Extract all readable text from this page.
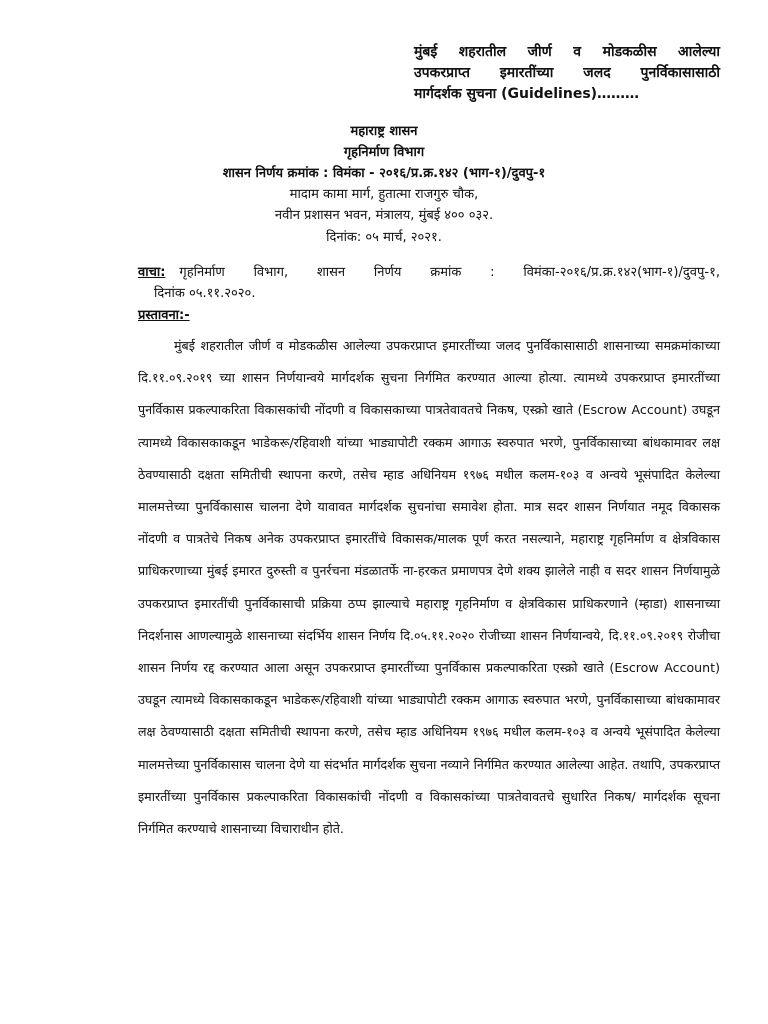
मुंबई शहरातील जीर्ण व मोडकळीस आलेल्या
उपकरप्राप्त इमारतींच्या जलद पुनर्विकासासाठी
मार्गदर्शक सुचना (Guidelines)………
महाराष्ट्र शासन
गृहनिर्माण विभाग
शासन निर्णय क्रमांक : विमंका - २०१६/प्र.क्र.१४२ (भाग-१)/दुवपु-१
मादाम कामा मार्ग, हुतात्मा राजगुरु चौक,
नवीन प्रशासन भवन, मंत्रालय, मुंबई ४०० ०३२.
दिनांक: ०५ मार्च, २०२१.
वाचा: गृहनिर्माण विभाग, शासन निर्णय क्रमांक : विमंका-२०१६/प्र.क्र.१४२(भाग-१)/दुवपु-१,
दिनांक ०५.११.२०२०.
प्रस्तावना:-

मुंबई शहरातील जीर्ण व मोडकळीस आलेल्या उपकरप्राप्त इमारतींच्या जलद पुनर्विकासासाठी शासनाच्या समक्रमांकाच्या दि.११.०९.२०१९ च्या शासन निर्णयान्वये मार्गदर्शक सुचना निर्गमित करण्यात आल्या होत्या. त्यामध्ये उपकरप्राप्त इमारतींच्या पुनर्विकास प्रकल्पाकरिता विकासकांची नोंदणी व विकासकाच्या पात्रतेवावतचे निकष, एस्क्रो खाते (Escrow Account) उघडून त्यामध्ये विकासकाकडून भाडेकरू/रहिवाशी यांच्या भाड्यापोटी रक्कम आगाऊ स्वरुपात भरणे, पुनर्विकासाच्या बांधकामावर लक्ष ठेवण्यासाठी दक्षता समितीची स्थापना करणे, तसेच म्हाड अधिनियम १९७६ मधील कलम-१०३ व अन्वये भूसंपादित केलेल्या मालमत्तेच्या पुनर्विकासास चालना देणे यावावत मार्गदर्शक सुचनांचा समावेश होता. मात्र सदर शासन निर्णयात नमूद विकासक नोंदणी व पात्रतेचे निकष अनेक उपकरप्राप्त इमारतींचे विकासक/मालक पूर्ण करत नसल्याने, महाराष्ट्र गृहनिर्माण व क्षेत्रविकास प्राधिकरणाच्या मुंबई इमारत दुरुस्ती व पुनर्रचना मंडळातर्फे ना-हरकत प्रमाणपत्र देणे शक्य झालेले नाही व सदर शासन निर्णयामुळे उपकरप्राप्त इमारतींची पुनर्विकासाची प्रक्रिया ठप्प झाल्याचे महाराष्ट्र गृहनिर्माण व क्षेत्रविकास प्राधिकरणाने (म्हाडा) शासनाच्या निदर्शनास आणल्यामुळे शासनाच्या संदर्भिय शासन निर्णय दि.०५.११.२०२० रोजीच्या शासन निर्णयान्वये, दि.११.०९.२०१९ रोजीचा शासन निर्णय रद्द करण्यात आला असून उपकरप्राप्त इमारतींच्या पुनर्विकास प्रकल्पाकरिता एस्क्रो खाते (Escrow Account) उघडून त्यामध्ये विकासकाकडून भाडेकरू/रहिवाशी यांच्या भाड्यापोटी रक्कम आगाऊ स्वरुपात भरणे, पुनर्विकासाच्या बांधकामावर लक्ष ठेवण्यासाठी दक्षता समितीची स्थापना करणे, तसेच म्हाड अधिनियम १९७६ मधील कलम-१०३ व अन्वये भूसंपादित केलेल्या मालमत्तेच्या पुनर्विकासास चालना देणे या संदर्भात मार्गदर्शक सुचना नव्याने निर्गमित करण्यात आलेल्या आहेत. तथापि, उपकरप्राप्त इमारतींच्या पुनर्विकास प्रकल्पाकरिता विकासकांची नोंदणी व विकासकांच्या पात्रतेवावतचे सुधारित निकष/ मार्गदर्शक सूचना निर्गमित करण्याचे शासनाच्या विचाराधीन होते.
